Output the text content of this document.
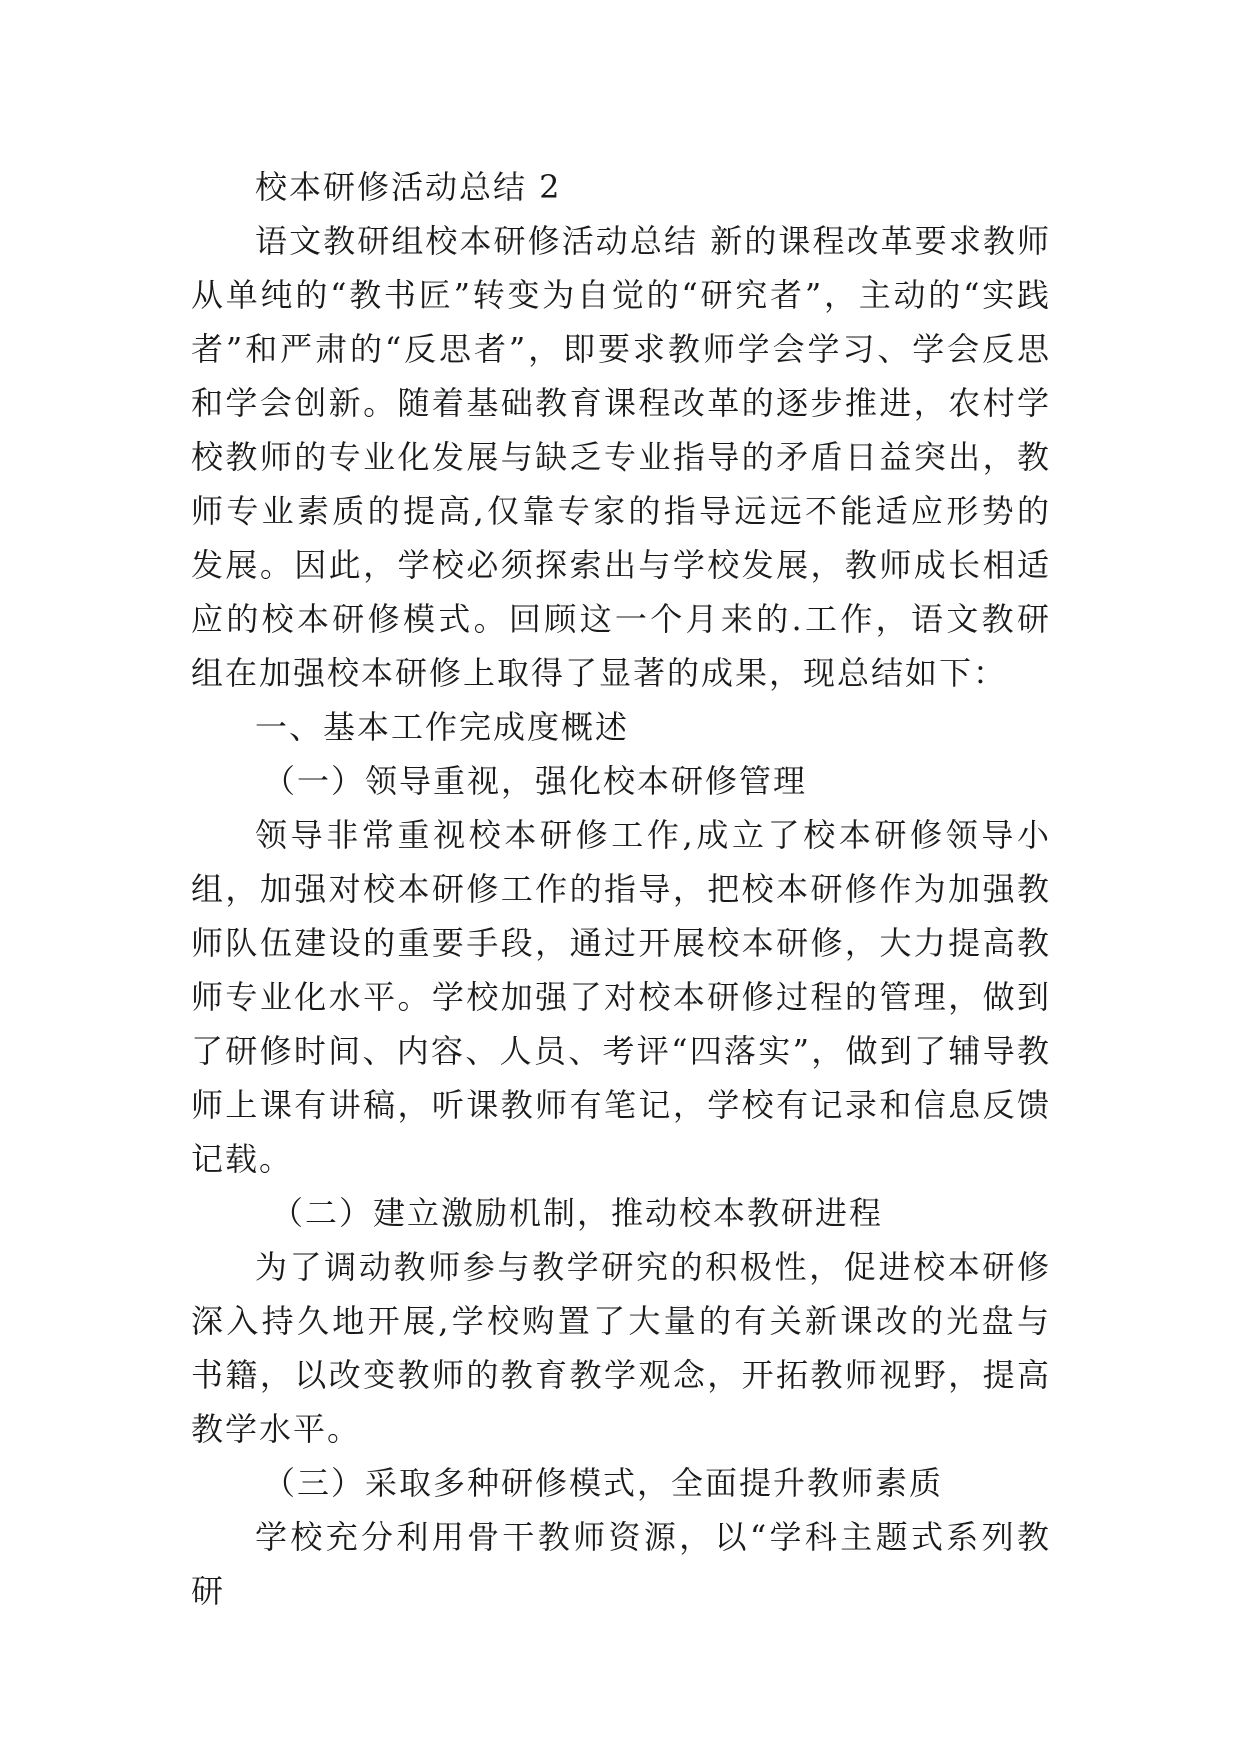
校本研修活动总结 2

语文教研组校本研修活动总结 新的课程改革要求教师从单纯的“教书匠”转变为自觉的“研究者”，主动的“实践者”和严肃的“反思者”，即要求教师学会学习、学会反思和学会创新。随着基础教育课程改革的逐步推进，农村学校教师的专业化发展与缺乏专业指导的矛盾日益突出，教师专业素质的提高,仅靠专家的指导远远不能适应形势的发展。因此，学校必须探索出与学校发展，教师成长相适应的校本研修模式。回顾这一个月来的.工作，语文教研组在加强校本研修上取得了显著的成果，现总结如下：

一、基本工作完成度概述

（一）领导重视，强化校本研修管理

领导非常重视校本研修工作,成立了校本研修领导小组，加强对校本研修工作的指导，把校本研修作为加强教师队伍建设的重要手段，通过开展校本研修，大力提高教师专业化水平。学校加强了对校本研修过程的管理，做到了研修时间、内容、人员、考评“四落实”，做到了辅导教师上课有讲稿，听课教师有笔记，学校有记录和信息反馈记载。

（二）建立激励机制，推动校本教研进程

为了调动教师参与教学研究的积极性，促进校本研修深入持久地开展,学校购置了大量的有关新课改的光盘与书籍，以改变教师的教育教学观念，开拓教师视野，提高教学水平。

（三）采取多种研修模式，全面提升教师素质

学校充分利用骨干教师资源，以“学科主题式系列教研
